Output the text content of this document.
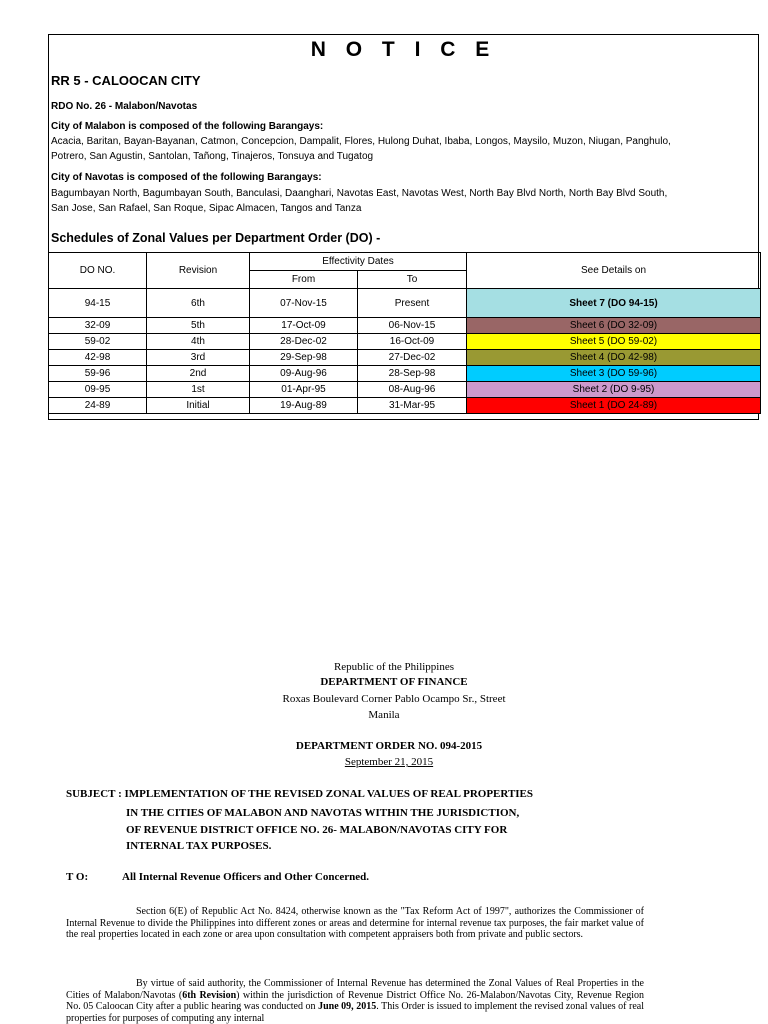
N O T I C E
RR 5 - CALOOCAN CITY
RDO No. 26 - Malabon/Navotas
City of Malabon is composed of the following Barangays:
Acacia, Baritan, Bayan-Bayanan, Catmon, Concepcion, Dampalit, Flores, Hulong Duhat, Ibaba, Longos, Maysilo, Muzon, Niugan, Panghulo,
Potrero, San Agustin, Santolan, Tañong, Tinajeros, Tonsuya and Tugatog
City of Navotas is composed of the following Barangays:
Bagumbayan North, Bagumbayan South, Banculasi, Daanghari, Navotas East, Navotas West, North Bay Blvd North, North Bay Blvd South,
San Jose, San Rafael, San Roque, Sipac Almacen, Tangos and Tanza
Schedules of Zonal Values per Department Order (DO) -
DO NO.	Revision	Effectivity Dates		See Details on
		From	To	
94-15	6th	07-Nov-15	Present	Sheet 7 (DO 94-15)
32-09	5th	17-Oct-09	06-Nov-15	Sheet 6 (DO 32-09)
59-02	4th	28-Dec-02	16-Oct-09	Sheet 5 (DO 59-02)
42-98	3rd	29-Sep-98	27-Dec-02	Sheet 4 (DO 42-98)
59-96	2nd	09-Aug-96	28-Sep-98	Sheet 3 (DO 59-96)
09-95	1st	01-Apr-95	08-Aug-96	Sheet 2 (DO 9-95)
24-89	Initial	19-Aug-89	31-Mar-95	Sheet 1 (DO 24-89)
Republic of the Philippines
DEPARTMENT OF FINANCE
Roxas Boulevard Corner Pablo Ocampo Sr., Street
Manila
DEPARTMENT ORDER NO. 094-2015
September 21, 2015
SUBJECT : IMPLEMENTATION OF THE REVISED ZONAL VALUES OF REAL PROPERTIES
IN THE CITIES OF MALABON AND NAVOTAS WITHIN THE JURISDICTION,
OF REVENUE DISTRICT OFFICE NO. 26- MALABON/NAVOTAS CITY FOR
INTERNAL TAX PURPOSES.
T O:	All Internal Revenue Officers and Other Concerned.
Section 6(E) of Republic Act No. 8424, otherwise known as the "Tax Reform Act of 1997", authorizes the Commissioner of Internal Revenue to divide the Philippines into different zones or areas and determine for internal revenue tax purposes, the fair market value of the real properties located in each zone or area upon consultation with competent appraisers both from private and public sectors.
By virtue of said authority, the Commissioner of Internal Revenue has determined the Zonal Values of Real Properties in the Cities of Malabon/Navotas (6th Revision) within the jurisdiction of Revenue District Office No. 26-Malabon/Navotas City, Revenue Region No. 05 Caloocan City after a public hearing was conducted on June 09, 2015. This Order is issued to implement the revised zonal values of real properties for purposes of computing any internal
